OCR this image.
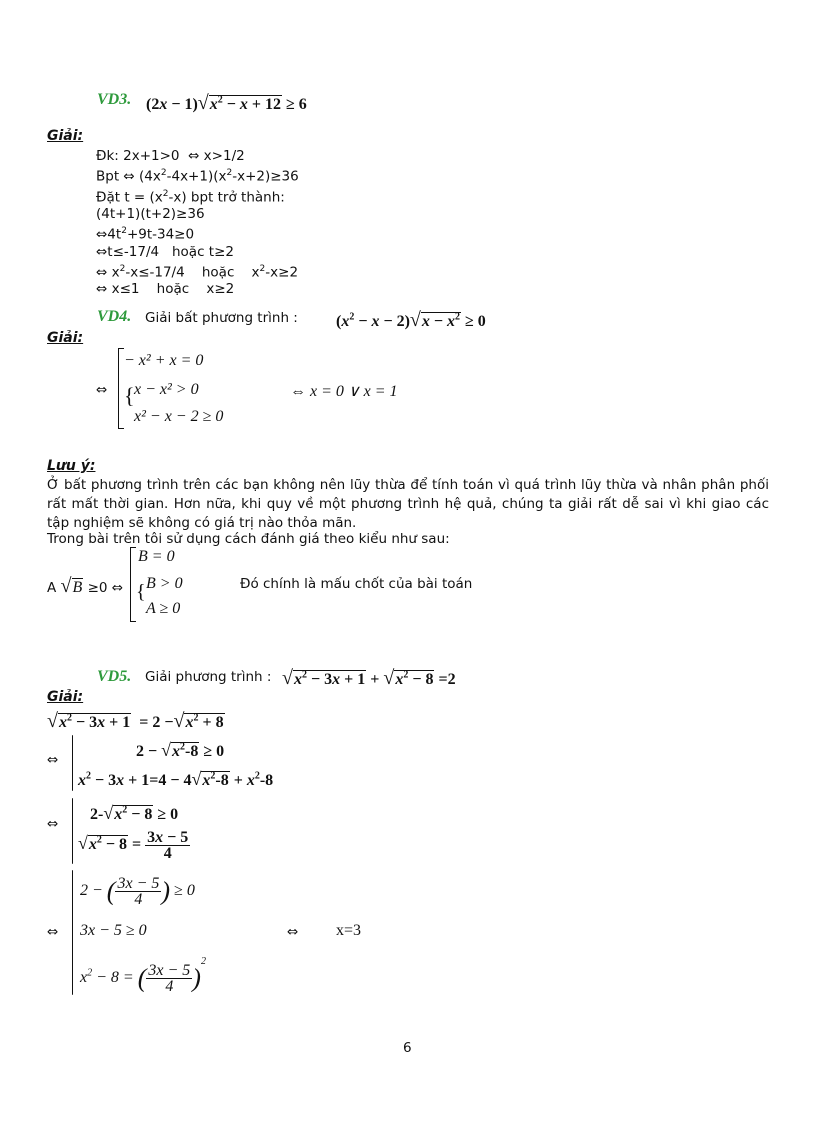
VD3. $(2x - 1)√x^2 - x + 12 \ge 6$
Giải:
Đk: 2x+1>0  ⇔ x>1/2
Bpt ⇔ $(4x^2-4x+1)(x^2-x+2)\ge 36$
Đặt $t = (x^2-x)$ bpt trở thành:
(4t+1)(t+2)≥36
$\Leftrightarrow 4t^2+9t-34\ge 0$
⇔t≤-17/4   hoặc t≥2
⇔ $x^2-x\le-17/4$    hoặc    $x^2-x\ge 2$
⇔ x≤1    hoặc    x≥2
VD4. Giải bất phương trình : $(x^2 - x - 2)√x - x^2 \ge 0$
Giải:
⇔ {
− x² + x = 0
x − x² > 0
x² − x − 2 ≥ 0
⇔ x = 0 ∨ x = 1
Lưu ý:
Ở bất phương trình trên các bạn không nên lũy thừa để tính toán vì quá trình lũy thừa và nhân phân phối rất mất thời gian. Hơn nữa, khi quy về một phương trình hệ quả, chúng ta giải rất dễ sai vì khi giao các tập nghiệm sẽ không có giá trị nào thỏa mãn.
Trong bài trên tôi sử dụng cách đánh giá theo kiểu như sau:
A √B ≥0 ⇔ {
B = 0
B > 0
A ≥ 0
Đó chính là mấu chốt của bài toán
VD5. Giải phương trình : $√x^2 - 3x + 1 + √x^2 - 8 =2$
Giải:
$√x^2 - 3x + 1 = 2 -√x^2 + 8$
⇔	$2 - √x^2-8 \ge 0$
$x^2 - 3x + 1=4 - 4√x^2-8 + x^2-8$
⇔
$2-√x^2 - 8 \ge 0$
$√x^2 - 8 = \frac{3x - 5}{4}$
⇔
2 − ( $\frac{3x - 5}{4}$ ) ≥ 0
3x − 5 ≥ 0
$x^2 - 8$ = ( $\frac{3x - 5}{4} )^2$
⇔ x=3
6
